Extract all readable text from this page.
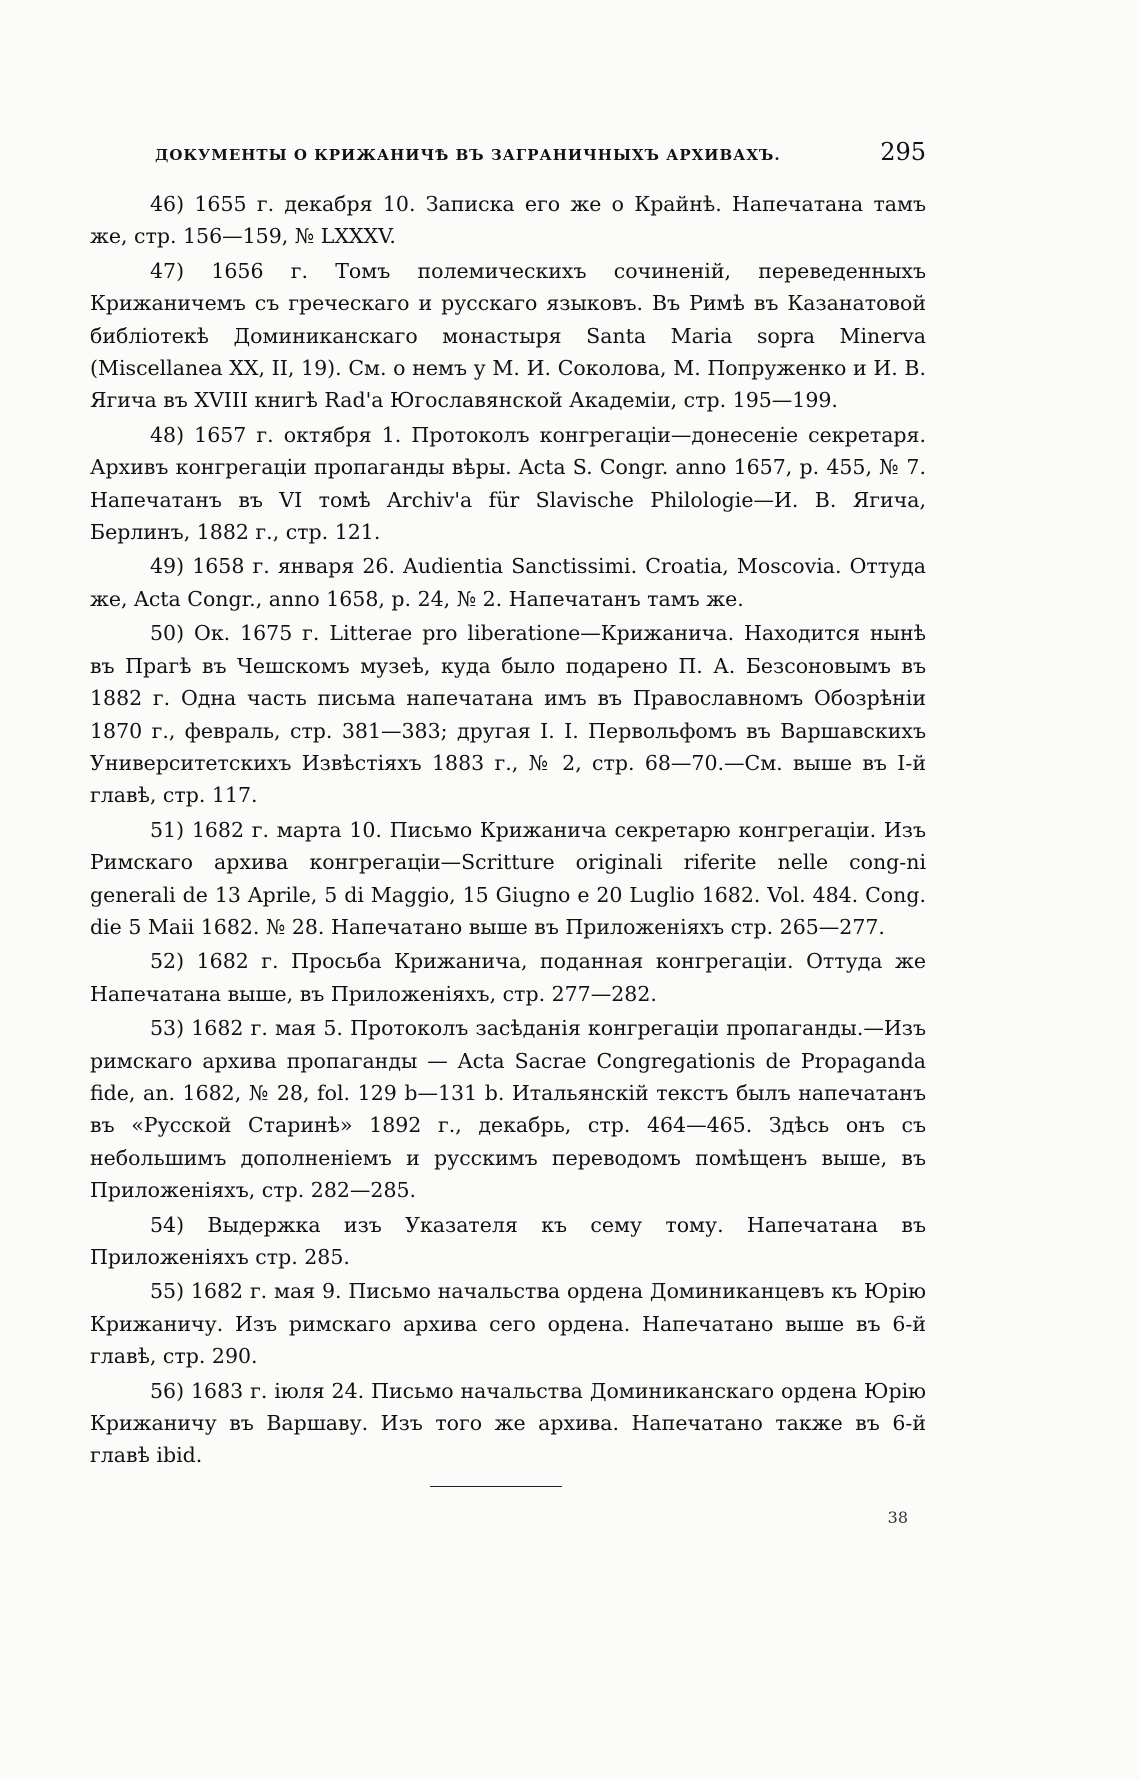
ДОКУМЕНТЫ О КРИЖАНИЧѢ ВЪ ЗАГРАНИЧНЫХЪ АРХИВАХЪ.	295

46) 1655 г. декабря 10. Записка его же о Крайнѣ. Напечатана тамъ же, стр. 156—159, № LXXXV.

47) 1656 г. Томъ полемическихъ сочиненій, переведенныхъ Крижаничемъ съ греческаго и русскаго языковъ. Въ Римѣ въ Казанатовой библіотекѣ Доминиканскаго монастыря Santa Maria sopra Minerva (Miscellanea XX, II, 19). См. о немъ у М. И. Соколова, М. Попруженко и И. В. Ягича въ XVIII книгѣ Rad'а Югославянской Академіи, стр. 195—199.

48) 1657 г. октября 1. Протоколъ конгрегаціи—донесеніе секретаря. Архивъ конгрегаціи пропаганды вѣры. Acta S. Congr. anno 1657, p. 455, № 7. Напечатанъ въ VI томѣ Archiv'a für Slavische Philologie—И. В. Ягича, Берлинъ, 1882 г., стр. 121.

49) 1658 г. января 26. Audientia Sanctissimi. Croatia, Moscovia. Оттуда же, Acta Congr., anno 1658, p. 24, № 2. Напечатанъ тамъ же.

50) Ок. 1675 г. Litterae pro liberatione—Крижанича. Находится нынѣ въ Прагѣ въ Чешскомъ музеѣ, куда было подарено П. А. Безсоновымъ въ 1882 г. Одна часть письма напечатана имъ въ Православномъ Обозрѣніи 1870 г., февраль, стр. 381—383; другая I. I. Первольфомъ въ Варшавскихъ Университетскихъ Извѣстіяхъ 1883 г., № 2, стр. 68—70.—См. выше въ I-й главѣ, стр. 117.

51) 1682 г. марта 10. Письмо Крижанича секретарю конгрегаціи. Изъ Римскаго архива конгрегаціи—Scritture originali riferite nelle cong-ni generali de 13 Aprile, 5 di Maggio, 15 Giugno e 20 Luglio 1682. Vol. 484. Cong. die 5 Maii 1682. № 28. Напечатано выше въ Приложеніяхъ стр. 265—277.

52) 1682 г. Просьба Крижанича, поданная конгрегаціи. Оттуда же Напечатана выше, въ Приложеніяхъ, стр. 277—282.

53) 1682 г. мая 5. Протоколъ засѣданія конгрегаціи пропаганды.—Изъ римскаго архива пропаганды — Acta Sacrae Congregationis de Propaganda fide, an. 1682, № 28, fol. 129 b—131 b. Итальянскій текстъ былъ напечатанъ въ «Русской Старинѣ» 1892 г., декабрь, стр. 464—465. Здѣсь онъ съ небольшимъ дополненіемъ и русскимъ переводомъ помѣщенъ выше, въ Приложеніяхъ, стр. 282—285.

54) Выдержка изъ Указателя къ сему тому. Напечатана въ Приложеніяхъ стр. 285.

55) 1682 г. мая 9. Письмо начальства ордена Доминиканцевъ къ Юрію Крижаничу. Изъ римскаго архива сего ордена. Напечатано выше въ 6-й главѣ, стр. 290.

56) 1683 г. іюля 24. Письмо начальства Доминиканскаго ордена Юрію Крижаничу въ Варшаву. Изъ того же архива. Напечатано также въ 6-й главѣ ibid.

38
